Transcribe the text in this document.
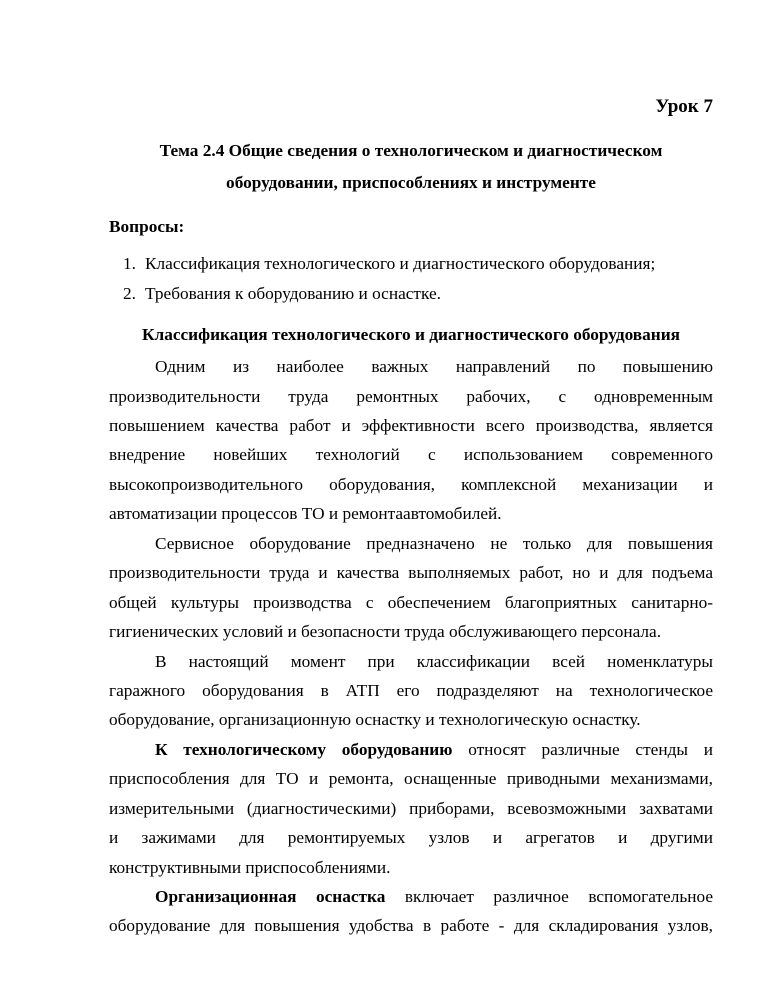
Урок 7
Тема 2.4 Общие сведения о технологическом и диагностическом
оборудовании, приспособлениях и инструменте
Вопросы:
1. Классификация технологического и диагностического оборудования;
2. Требования к оборудованию и оснастке.
Классификация технологического и диагностического оборудования
Одним из наиболее важных направлений по повышению
производительности труда ремонтных рабочих, с одновременным
повышением качества работ и эффективности всего производства, является
внедрение новейших технологий с использованием современного
высокопроизводительного оборудования, комплексной механизации и
автоматизации процессов ТО и ремонтаавтомобилей.
Сервисное оборудование предназначено не только для повышения
производительности труда и качества выполняемых работ, но и для подъема
общей культуры производства с обеспечением благоприятных санитарно-
гигиенических условий и безопасности труда обслуживающего персонала.
В настоящий момент при классификации всей номенклатуры
гаражного оборудования в АТП его подразделяют на технологическое
оборудование, организационную оснастку и технологическую оснастку.
К технологическому оборудованию относят различные стенды и
приспособления для ТО и ремонта, оснащенные приводными механизмами,
измерительными (диагностическими) приборами, всевозможными захватами
и зажимами для ремонтируемых узлов и агрегатов и другими
конструктивными приспособлениями.
Организационная оснастка включает различное вспомогательное
оборудование для повышения удобства в работе - для складирования узлов,
